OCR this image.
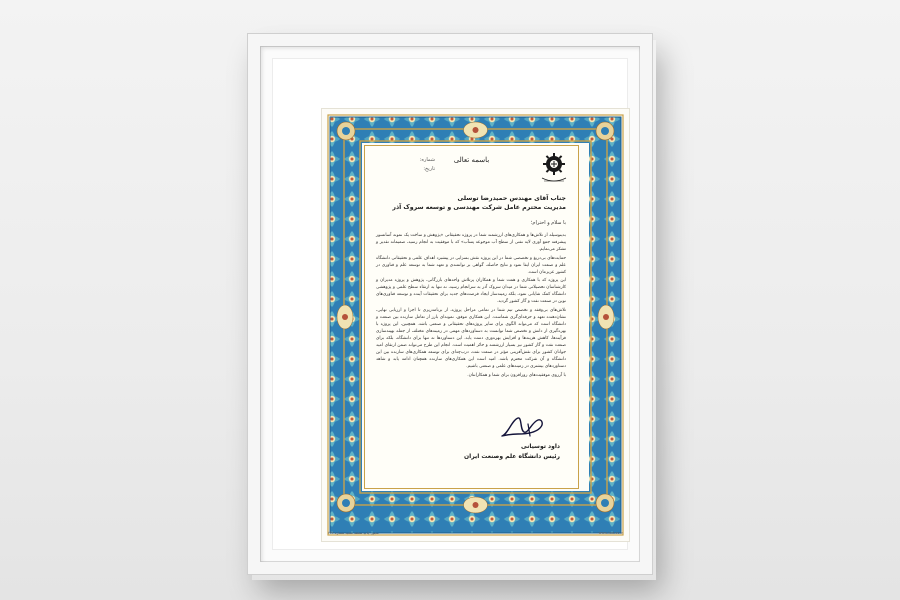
باسمه تعالی
شماره:
تاریخ:
جناب آقای مهندس حمیدرضا توسلی
مدیریت محترم عامل شرکت مهندسی و توسعه سروک آذر
با سلام و احترام؛

بدینوسیله از تلاش‌ها و همکاری‌های ارزشمند شما در پروژه تحقیقاتی «پژوهش و ساخت یک نمونه آسانسور پیشرفته جمع آوری لایه نفتی از سطح آب موجوعه پسآب» که با موفقیت به انجام رسید، صمیمانه تقدیر و تشکر می‌نمایم.

حمایت‌های بی‌دریغ و تخصصی شما در این پروژه نقش بسزایی در پیشبرد اهداف علمی و تحقیقاتی دانشگاه علم و صنعت ایران ایفا نمود و نتایج حاصله، گواهی بر توانمندی و تعهد شما به توسعه علم و فناوری در کشور عزیزمان است.

این پروژه که با همکاری و همت شما و همکاران پرتلاش واحدهای بازرگانی، پژوهش و پروژه مدیران و کارشناسان تحصیلاتی شما در میدان سروک آذر به سرانجام رسید، نه تنها به ارتقاء سطح علمی و پژوهشی دانشگاه کمک شایانی نمود، بلکه زمینه‌ساز ایجاد فرصت‌های جدید برای تحقیقات آینده و توسعه فناوری‌های نوین در صنعت نفت و گاز کشور گردید.

تلاش‌های بی‌وقفه و تخصص تیم شما در تمامی مراحل پروژه، از برنامه‌ریزی تا اجرا و ارزیابی نهایی، نشان‌دهنده تعهد و حرفه‌ای‌گری شماست. این همکاری موفق، نمونه‌ای بارز از تعامل سازنده بین صنعت و دانشگاه است که می‌تواند الگوی برای سایر پروژه‌های تحقیقاتی و صنعتی باشد. همچنین، این پروژه با بهره‌گیری از دانش و تخصص شما توانست به دستاوردهای مهمی در زمینه‌های مختلف از جمله بهینه‌سازی فرآیندها، کاهش هزینه‌ها و افزایش بهره‌وری دست یابد. این دستاوردها نه تنها برای دانشگاه، بلکه برای صنعت نفت و گاز کشور نیز بسیار ارزشمند و حائز اهمیت است. انجام این طرح می‌تواند ضمن ارتقای امید جوانان کشور برای نقش‌آفرینی مؤثر در صنعت نفت، درب‌چه‌ای برای توسعه همکاری‌های سازنده بین این دانشگاه و آن شرکت محترم باشد. امید است این همکاری‌های سازنده همچنان ادامه یابد و شاهد دستاوردهای بیشتری در زمینه‌های علمی و صنعتی باشیم.

با آرزوی موفقیت‌های روزافزون برای شما و همکارانتان.

داود توسیانی
رئیس دانشگاه علم وصنعت ایران
مجوز چاپ منعقد شعبه شماره ۲۳۷	www.iust.ac.ir
